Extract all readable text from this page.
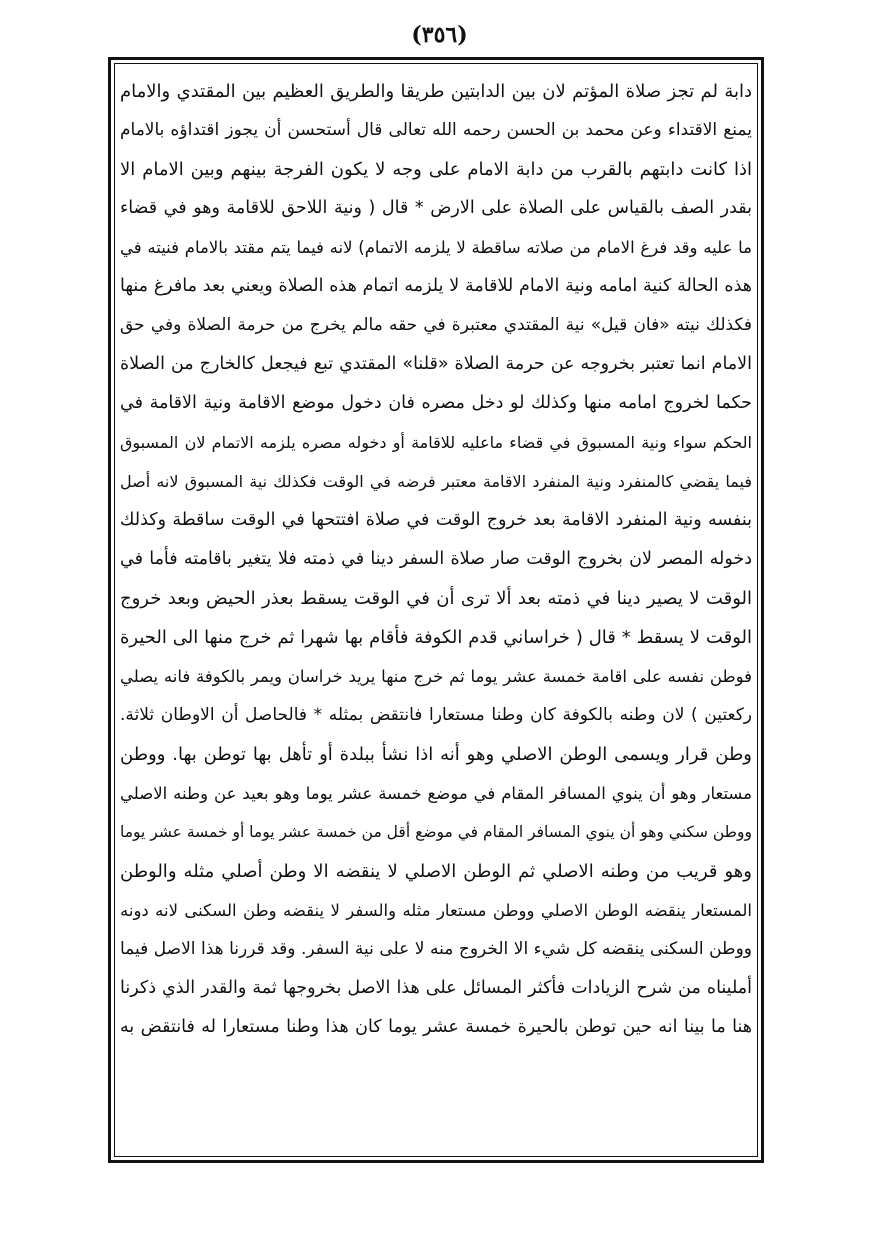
(٣٥٦)
دابة لم تجز صلاة المؤتم لان بين الدابتين طريقا والطريق العظيم بين المقتدي والامام
يمنع الاقتداء وعن محمد بن الحسن رحمه الله تعالى قال أستحسن أن يجوز اقتداؤه بالامام
اذا كانت دابتهم بالقرب من دابة الامام على وجه لا يكون الفرجة بينهم وبين الامام الا
بقدر الصف بالقياس على الصلاة على الارض * قال ( ونية اللاحق للاقامة وهو في قضاء
ما عليه وقد فرغ الامام من صلاته ساقطة لا يلزمه الاتمام) لانه فيما يتم مقتد بالامام فنيته في
هذه الحالة كنية امامه ونية الامام للاقامة لا يلزمه اتمام هذه الصلاة ويعني بعد مافرغ منها
فكذلك نيته «فان قيل» نية المقتدي معتبرة في حقه مالم يخرج من حرمة الصلاة وفي حق
الامام انما تعتبر بخروجه عن حرمة الصلاة «قلنا» المقتدي تبع فيجعل كالخارج من الصلاة
حكما لخروج امامه منها وكذلك لو دخل مصره فان دخول موضع الاقامة ونية الاقامة في
الحكم سواء ونية المسبوق في قضاء ماعليه للاقامة أو دخوله مصره يلزمه الاتمام لان المسبوق
فيما يقضي كالمنفرد ونية المنفرد الاقامة معتبر فرضه في الوقت فكذلك نية المسبوق لانه أصل
بنفسه ونية المنفرد الاقامة بعد خروج الوقت في صلاة افتتحها في الوقت ساقطة وكذلك
دخوله المصر لان بخروج الوقت صار صلاة السفر دينا في ذمته فلا يتغير باقامته فأما في
الوقت لا يصير دينا في ذمته بعد ألا ترى أن في الوقت يسقط بعذر الحيض وبعد خروج
الوقت لا يسقط * قال ( خراساني قدم الكوفة فأقام بها شهرا ثم خرج منها الى الحيرة
فوطن نفسه على اقامة خمسة عشر يوما ثم خرج منها يريد خراسان ويمر بالكوفة فانه يصلي
ركعتين ) لان وطنه بالكوفة كان وطنا مستعارا فانتقض بمثله * فالحاصل أن الاوطان ثلاثة.
وطن قرار ويسمى الوطن الاصلي وهو أنه اذا نشأ ببلدة أو تأهل بها توطن بها. ووطن
مستعار وهو أن ينوي المسافر المقام في موضع خمسة عشر يوما وهو بعيد عن وطنه الاصلي
ووطن سكني وهو أن ينوي المسافر المقام في موضع أقل من خمسة عشر يوما أو خمسة عشر يوما
وهو قريب من وطنه الاصلي ثم الوطن الاصلي لا ينقضه الا وطن أصلي مثله والوطن
المستعار ينقضه الوطن الاصلي ووطن مستعار مثله والسفر لا ينقضه وطن السكنى لانه دونه
ووطن السكنى ينقضه كل شيء الا الخروج منه لا على نية السفر. وقد قررنا هذا الاصل فيما
أمليناه من شرح الزيادات فأكثر المسائل على هذا الاصل بخروجها ثمة والقدر الذي ذكرنا
هنا ما بينا انه حين توطن بالحيرة خمسة عشر يوما كان هذا وطنا مستعارا له فانتقض به
